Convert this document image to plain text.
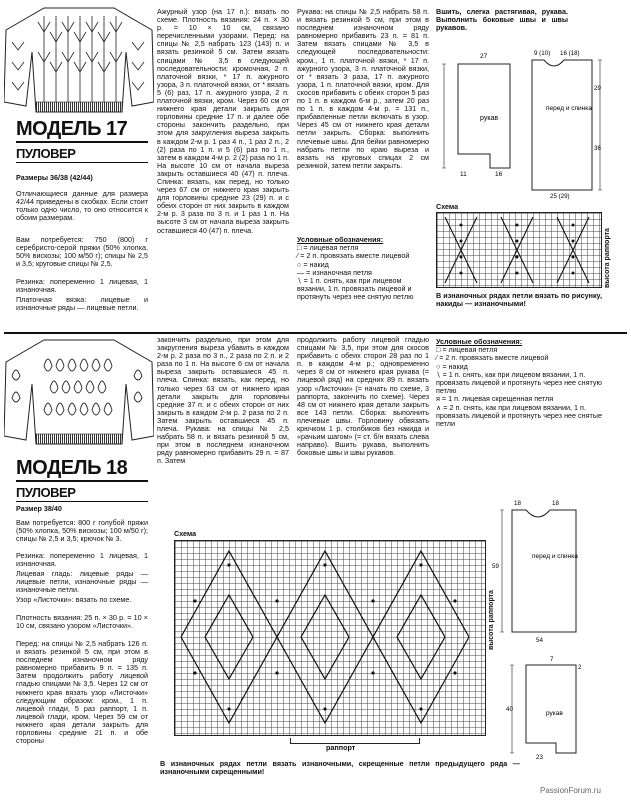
МОДЕЛЬ 17
ПУЛОВЕР
Размеры 36/38 (42/44)
Отличающиеся данные для размера 42/44 приведены в скобках. Если стоит только одно число, то оно относится к обоим размерам.
Вам потребуется: 750 (800) г серебристо-серой пряжи (50% хлопка, 50% вискозы; 100 м/50 г); спицы № 2,5 и 3,5; круговые спицы № 2,5.
Резинка: попеременно 1 лицевая, 1 изнаночная.
Платочная вязка: лицевые и изнаночные ряды — лицевые петли.
Ажурный узор (на 17 п.): вязать по схеме. Плотность вязания: 24 п. × 30 р. = 10 × 10 см, связано перечисленными узорами. Перед: на спицы № 2,5 набрать 123 (143) п. и вязать резинкой 5 см. Затем вязать спицами № 3,5 в следующей последовательности: кромочная, 2 п. платочной вязки, * 17 п. ажурного узора, 3 п. платочной вязки, от * вязать 5 (6) раз, 17 п. ажурного узора, 2 п. платочной вязки, кром. Через 60 см от нижнего края детали закрыть для горловины средние 17 п. и далее обе стороны закончить раздельно, при этом для закругления выреза закрыть в каждом 2-м р. 1 раз 4 п., 1 раз 2 п., 2 (2) раза по 1 п. и 5 (6) раз по 1 п., затем в каждом 4-м р. 2 (2) раза по 1 п. На высоте 10 см от начала выреза закрыть оставшиеся 40 (47) п. плеча. Спинка: вязать, как перед, но только через 67 см от нижнего края закрыть для горловины средние 23 (29) п. и с обеих сторон от них закрыть в каждом 2-м р. 3 раза по 3 п. и 1 раз 1 п. На высоте 3 см от начала выреза закрыть оставшиеся 40 (47) п. плеча.
Рукава: на спицы № 2,5 набрать 58 п. и вязать резинкой 5 см, при этом в последнем изнаночном ряду равномерно прибавить 23 п. = 81 п. Затем вязать спицами № 3,5 в следующей последовательности: кром., 1 п. платочной вязки, * 17 п. ажурного узора, 3 п. платочной вязки, от * вязать 3 раза, 17 п. ажурного узора, 1 п. платочной вязки, кром. Для скосов прибавить с обеих сторон 5 раз по 1 п. в каждом 6-м р., затем 20 раз по 1 п. в каждом 4-м р. = 131 п., прибавленные петли включать в узор. Через 45 см от нижнего края детали петли закрыть. Сборка: выполнить плечевые швы. Для бейки равномерно набрать петли по краю выреза и вязать на круговых спицах 2 см резинкой, затем петли закрыть.
Условные обозначения:
□ = лицевая петля
∕ = 2 п. провязать вместе лицевой
○ = накид
— = изнаночная петля
∖ = 1 п. снять, как при лицевом вязании, 1 п. провязать лицевой и протянуть через нее снятую петлю
Вшить, слегка растягивая, рукава. Выполнить боковые швы и швы рукавов.
рукав
27
11	16
9 (10) 16 (18)
перед и спинка
29
36
25 (29)
Схема
высота раппорта
В изнаночных рядах петли вязать по рисунку, накиды — изнаночными!
МОДЕЛЬ 18
ПУЛОВЕР
Размер 38/40
Вам потребуется: 800 г голубой пряжи (50% хлопка, 50% вискозы; 100 м/50 г); спицы № 2,5 и 3,5; крючок № 3.
Резинка: попеременно 1 лицевая, 1 изнаночная.
Лицевая гладь: лицевые ряды — лицевые петли, изнаночные ряды — изнаночные петли.
Узор «Листочки»: вязать по схеме.
Плотность вязания: 25 п. × 30 р. = 10 × 10 см, связано узором «Листочки».
Перед: на спицы № 2,5 набрать 126 п. и вязать резинкой 5 см, при этом в последнем изнаночном ряду равномерно прибавить 9 п. = 135 п. Затем продолжить работу лицевой гладью спицами № 3,5. Через 12 см от нижнего края вязать узор «Листочки» следующим образом: кром., 1 п. лицевой глади, 5 раз раппорт, 1 п. лицевой глади, кром. Через 59 см от нижнего края детали закрыть для горловины средние 21 п. и обе стороны
закончить раздельно, при этом для закругления выреза убавить в каждом 2-м р. 2 раза по 3 п., 2 раза по 2 п. и 2 раза по 1 п. На высоте 6 см от начала выреза закрыть оставшиеся 45 п. плеча. Спинка: вязать, как перед, но только через 63 см от нижнего края детали закрыть для горловины средние 37 п. и с обеих сторон от них закрыть в каждом 2-м р. 2 раза по 2 п. Затем закрыть оставшиеся 45 п. плеча. Рукава: на спицы № 2,5 набрать 58 п. и вязать резинкой 5 см, при этом в последнем изнаночном ряду равномерно прибавить 29 п. = 87 п. Затем
продолжить работу лицевой гладью спицами № 3,5, при этом для скосов прибавить с обеих сторон 28 раз по 1 п. в каждом 4-м р.; одновременно через 8 см от нижнего края рукава (= лицевой ряд) на средних 89 п. вязать узор «Листочки» (= начать по схеме, 3 раппорта, закончить по схеме). Через 48 см от нижнего края детали закрыть все 143 петли. Сборка: выполнить плечевые швы. Горловину обвязать крючком 1 р. столбиков без накида и «рачьим шагом» (= ст. б/н вязать слева направо). Вшить рукава, выполнить боковые швы и швы рукавов.
Условные обозначения:
□ = лицевая петля
∕ = 2 п. провязать вместе лицевой
○ = накид
∖ = 1 п. снять, как при лицевом вязании, 1 п. провязать лицевой и протянуть через нее снятую петлю
ᴙ = 1 п. лицевая скрещенная петля
∧ = 2 п. снять, как при лицевом вязании, 1 п. провязать лицевой и протянуть через нее снятые петли
18	18
перед и спинка
59
54
7
2
40
рукав
23
Схема
высота раппорта
раппорт
В изнаночных рядах петли вязать изнаночными, скрещенные петли предыдущего ряда — изнаночными скрещенными!
PassionForum.ru
